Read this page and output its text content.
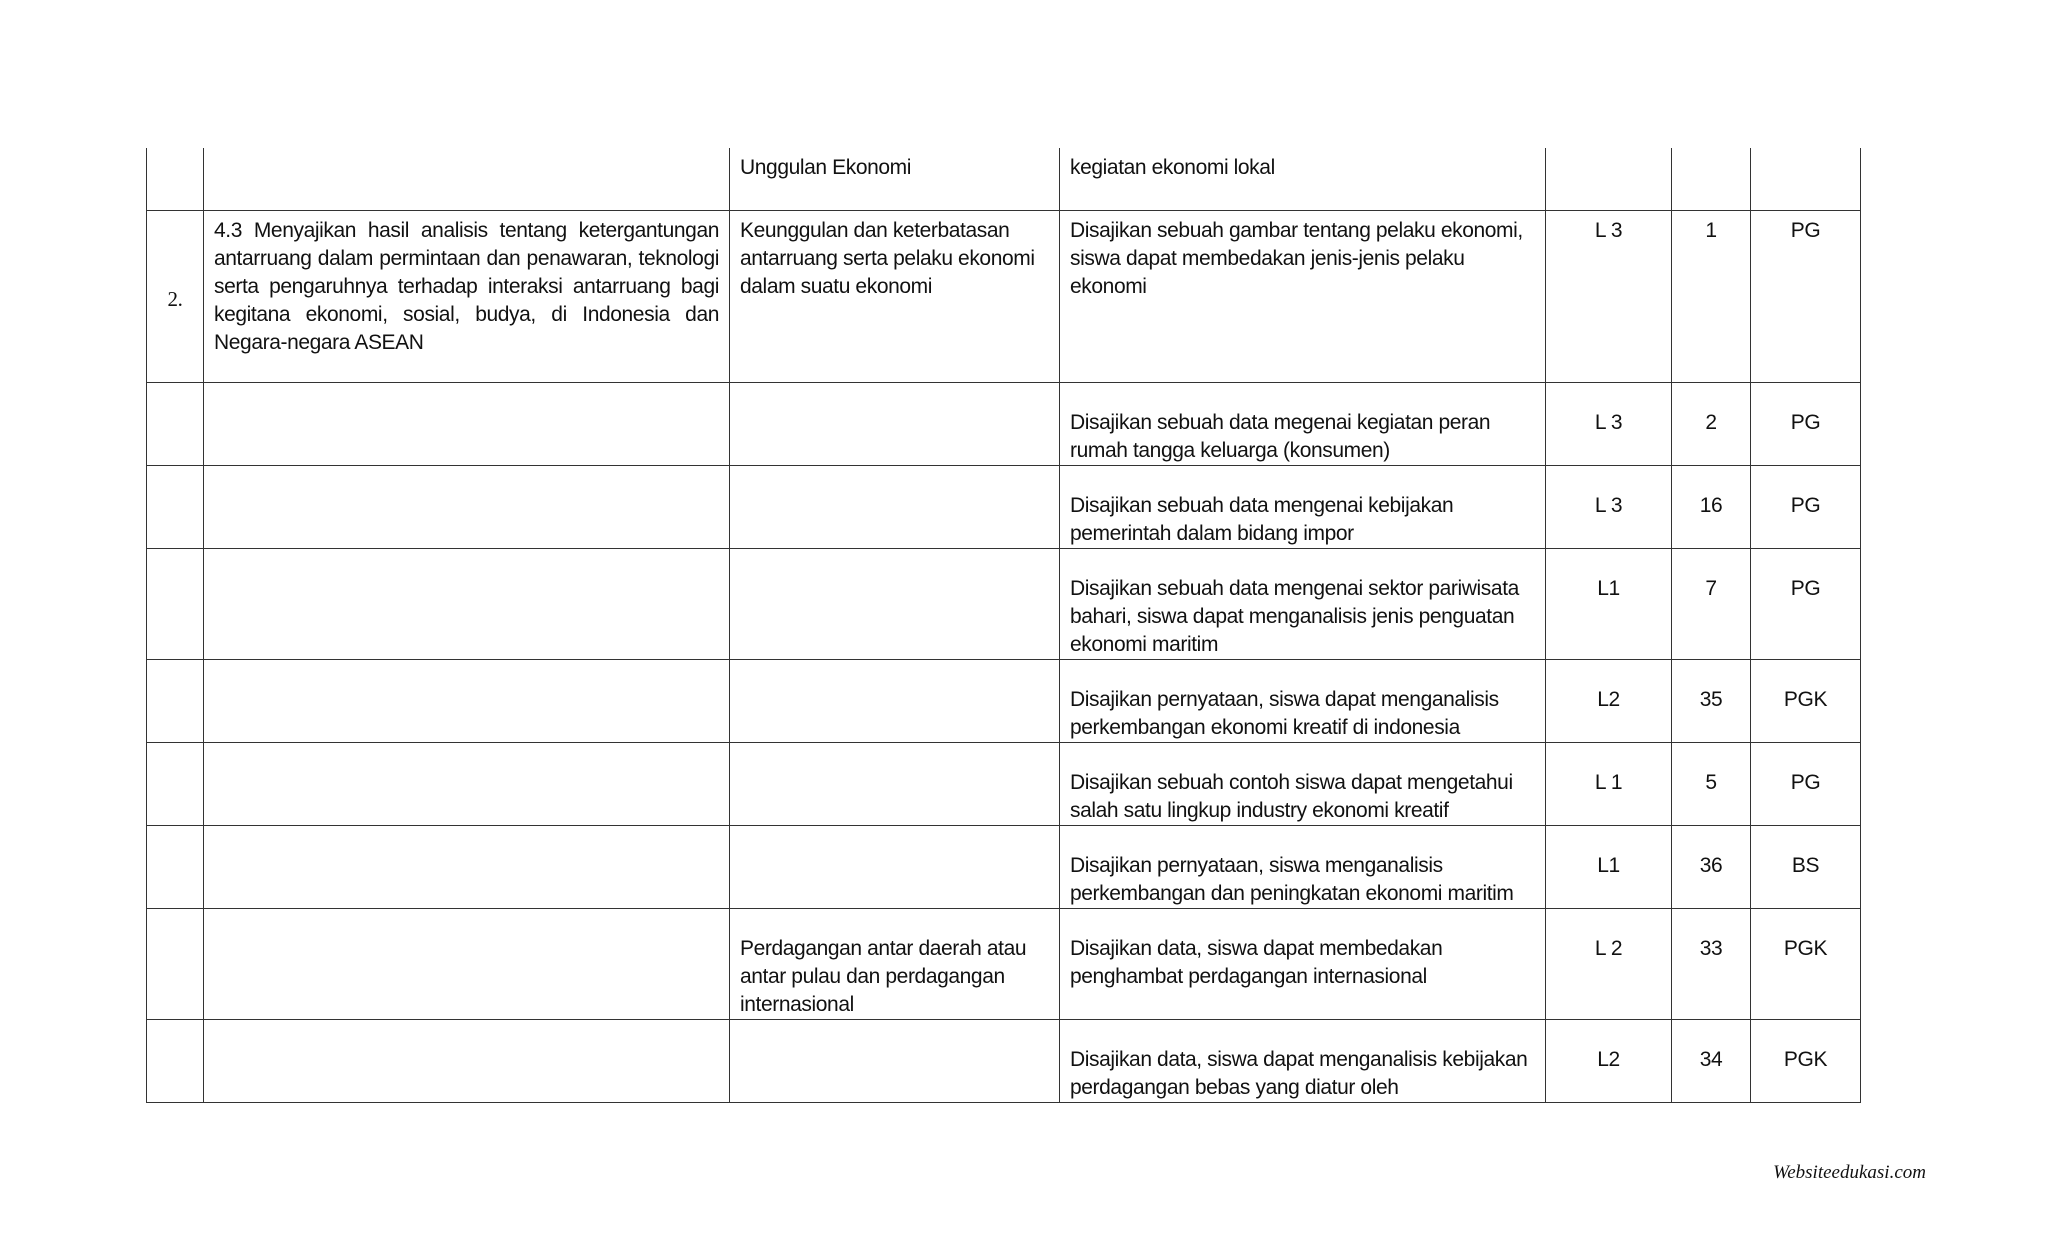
		Unggulan Ekonomi	kegiatan ekonomi lokal			
2.	4.3 Menyajikan hasil analisis tentang ketergantungan antarruang dalam permintaan dan penawaran, teknologi serta pengaruhnya terhadap interaksi antarruang bagi kegitana ekonomi, sosial, budya, di Indonesia dan Negara-negara ASEAN	Keunggulan dan keterbatasan antarruang serta pelaku ekonomi dalam suatu ekonomi	Disajikan sebuah gambar tentang pelaku ekonomi, siswa dapat membedakan jenis-jenis pelaku ekonomi	L 3	1	PG
			Disajikan sebuah data megenai kegiatan peran rumah tangga keluarga (konsumen)	L 3	2	PG
			Disajikan sebuah data mengenai kebijakan pemerintah dalam bidang impor	L 3	16	PG
			Disajikan sebuah data mengenai sektor pariwisata bahari, siswa dapat menganalisis jenis penguatan ekonomi maritim	L1	7	PG
			Disajikan pernyataan, siswa dapat menganalisis perkembangan ekonomi kreatif di indonesia	L2	35	PGK
			Disajikan sebuah contoh siswa dapat mengetahui salah satu lingkup industry ekonomi kreatif	L 1	5	PG
			Disajikan pernyataan, siswa menganalisis perkembangan dan peningkatan ekonomi maritim	L1	36	BS
		Perdagangan antar daerah atau antar pulau dan perdagangan internasional	Disajikan data, siswa dapat membedakan penghambat perdagangan internasional	L 2	33	PGK
			Disajikan data, siswa dapat menganalisis kebijakan perdagangan bebas yang diatur oleh	L2	34	PGK
Websiteedukasi.com
